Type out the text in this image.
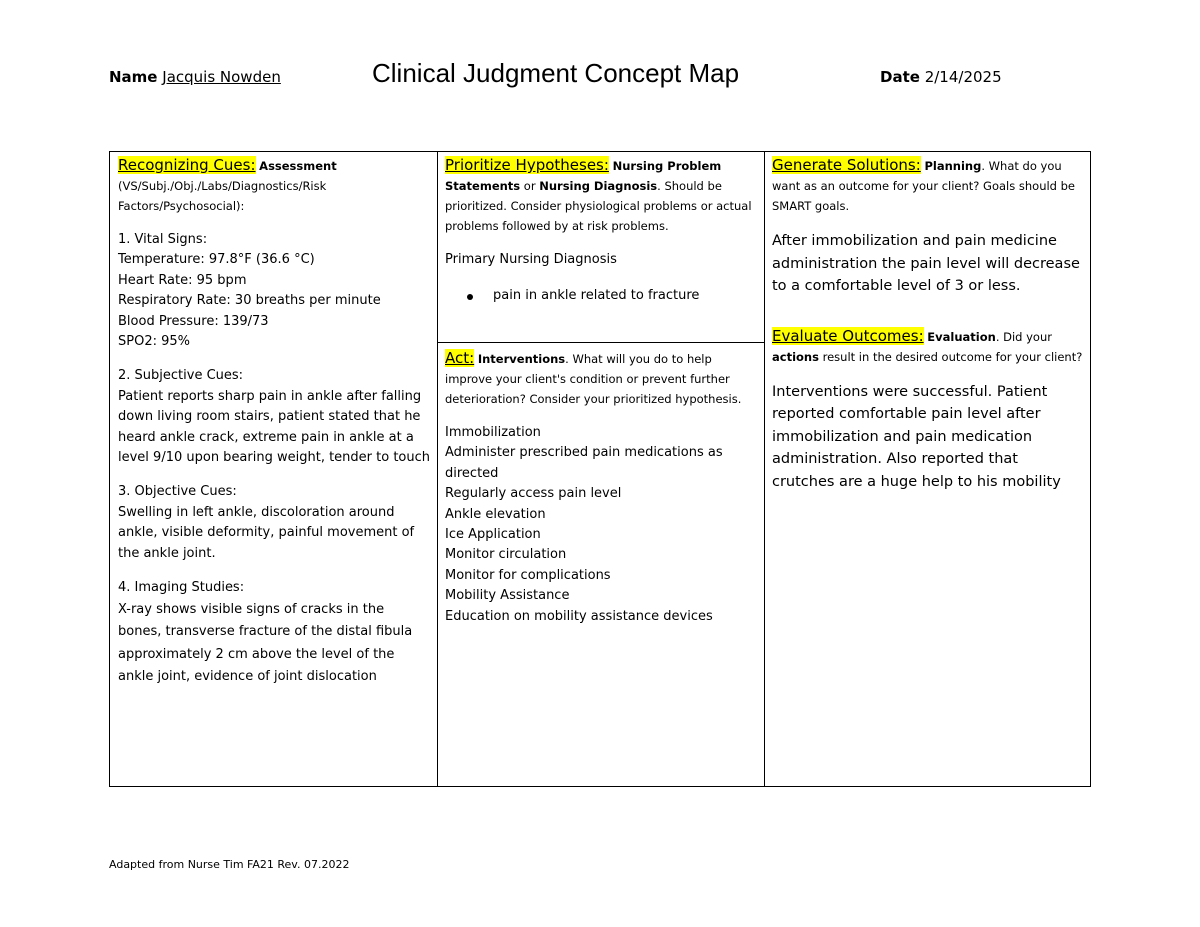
Name Jacquis Nowden	Clinical Judgment Concept Map	Date 2/14/2025
Recognizing Cues: Assessment
(VS/Subj./Obj./Labs/Diagnostics/Risk Factors/Psychosocial):

1. Vital Signs:

Temperature: 97.8°F (36.6 °C)

Heart Rate: 95 bpm

Respiratory Rate: 30 breaths per minute

Blood Pressure: 139/73

SPO2: 95%

2. Subjective Cues:

Patient reports sharp pain in ankle after falling down living room stairs, patient stated that he heard ankle crack, extreme pain in ankle at a level 9/10 upon bearing weight, tender to touch

3. Objective Cues:

Swelling in left ankle, discoloration around ankle, visible deformity, painful movement of the ankle joint.

4. Imaging Studies:

X-ray shows visible signs of cracks in the bones, transverse fracture of the distal fibula approximately 2 cm above the level of the ankle joint, evidence of joint dislocation

Prioritize Hypotheses: Nursing Problem Statements or Nursing Diagnosis. Should be prioritized. Consider physiological problems or actual problems followed by at risk problems.
Primary Nursing Diagnosis
pain in ankle related to fracture
Act: Interventions. What will you do to help improve your client's condition or prevent further deterioration? Consider your prioritized hypothesis.

Immobilization

Administer prescribed pain medications as directed

Regularly access pain level

Ankle elevation

Ice Application

Monitor circulation

Monitor for complications

Mobility Assistance

Education on mobility assistance devices

Generate Solutions: Planning. What do you want as an outcome for your client? Goals should be SMART goals.
After immobilization and pain medicine administration the pain level will decrease to a comfortable level of 3 or less.
Evaluate Outcomes: Evaluation. Did your actions result in the desired outcome for your client?
Interventions were successful. Patient reported comfortable pain level after immobilization and pain medication administration. Also reported that crutches are a huge help to his mobility
Adapted from Nurse Tim FA21 Rev. 07.2022
